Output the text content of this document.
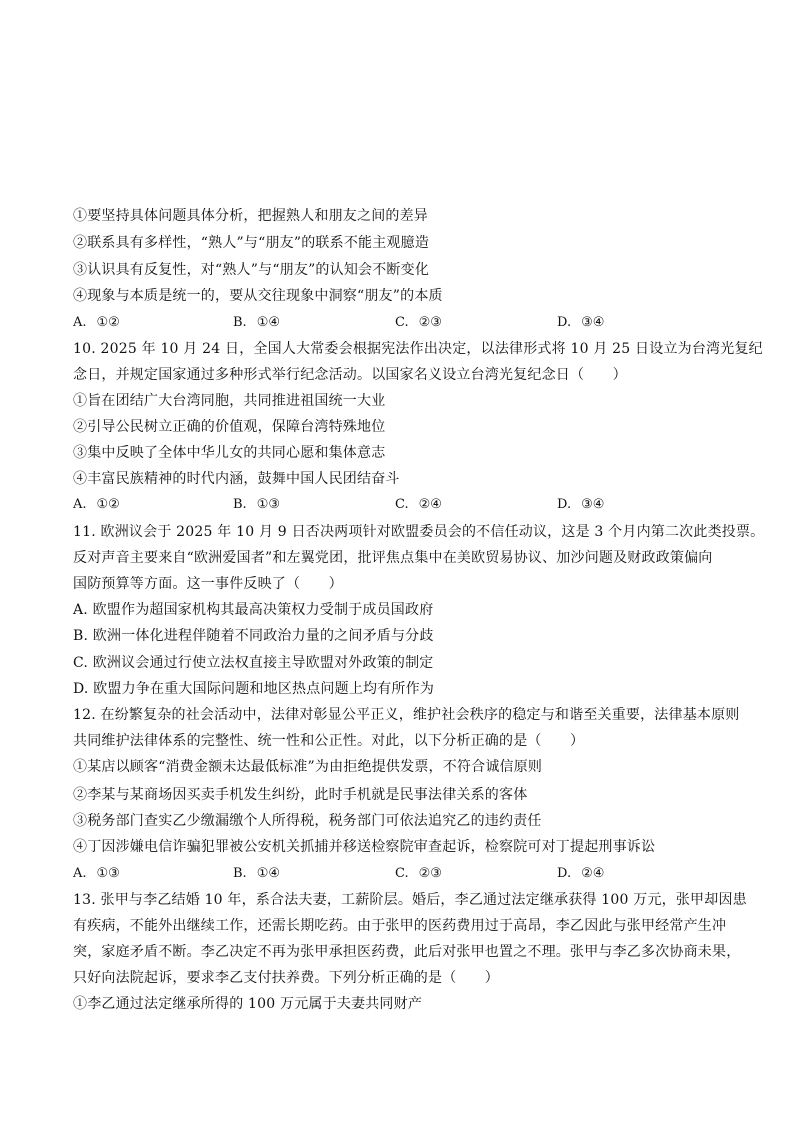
①要坚持具体问题具体分析，把握熟人和朋友之间的差异
②联系具有多样性，“熟人”与“朋友”的联系不能主观臆造
③认识具有反复性，对“熟人”与“朋友”的认知会不断变化
④现象与本质是统一的，要从交往现象中洞察“朋友”的本质
A. ①②	B. ①④	C. ②③	D. ③④
10. 2025 年 10 月 24 日，全国人大常委会根据宪法作出决定，以法律形式将 10 月 25 日设立为台湾光复纪
念日，并规定国家通过多种形式举行纪念活动。以国家名义设立台湾光复纪念日（　　）
①旨在团结广大台湾同胞，共同推进祖国统一大业
②引导公民树立正确的价值观，保障台湾特殊地位
③集中反映了全体中华儿女的共同心愿和集体意志
④丰富民族精神的时代内涵，鼓舞中国人民团结奋斗
A. ①②	B. ①③	C. ②④	D. ③④
11. 欧洲议会于 2025 年 10 月 9 日否决两项针对欧盟委员会的不信任动议，这是 3 个月内第二次此类投票。
反对声音主要来自“欧洲爱国者”和左翼党团，批评焦点集中在美欧贸易协议、加沙问题及财政政策偏向
国防预算等方面。这一事件反映了（　　）
A. 欧盟作为超国家机构其最高决策权力受制于成员国政府
B. 欧洲一体化进程伴随着不同政治力量的之间矛盾与分歧
C. 欧洲议会通过行使立法权直接主导欧盟对外政策的制定
D. 欧盟力争在重大国际问题和地区热点问题上均有所作为
12. 在纷繁复杂的社会活动中，法律对彰显公平正义，维护社会秩序的稳定与和谐至关重要，法律基本原则
共同维护法律体系的完整性、统一性和公正性。对此，以下分析正确的是（　　）
①某店以顾客“消费金额未达最低标准”为由拒绝提供发票，不符合诚信原则
②李某与某商场因买卖手机发生纠纷，此时手机就是民事法律关系的客体
③税务部门查实乙少缴漏缴个人所得税，税务部门可依法追究乙的违约责任
④丁因涉嫌电信诈骗犯罪被公安机关抓捕并移送检察院审查起诉，检察院可对丁提起刑事诉讼
A. ①③	B. ①④	C. ②③	D. ②④
13. 张甲与李乙结婚 10 年，系合法夫妻，工薪阶层。婚后，李乙通过法定继承获得 100 万元，张甲却因患
有疾病，不能外出继续工作，还需长期吃药。由于张甲的医药费用过于高昂，李乙因此与张甲经常产生冲
突，家庭矛盾不断。李乙决定不再为张甲承担医药费，此后对张甲也置之不理。张甲与李乙多次协商未果，
只好向法院起诉，要求李乙支付扶养费。下列分析正确的是（　　）
①李乙通过法定继承所得的 100 万元属于夫妻共同财产
